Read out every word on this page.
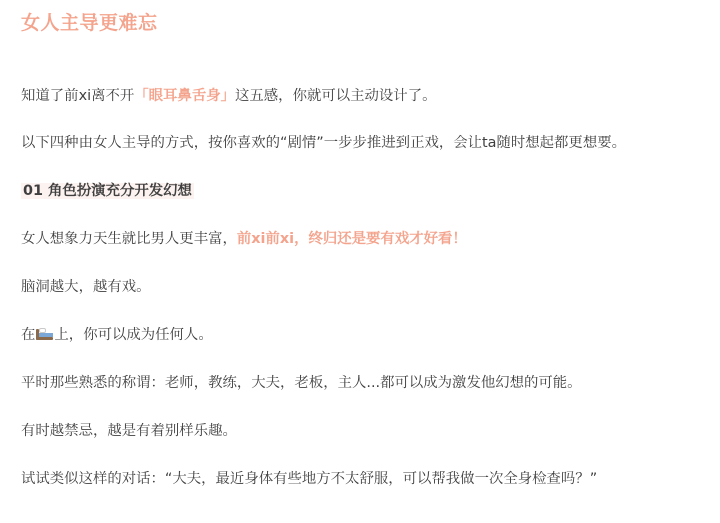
女人主导更难忘
知道了前xi离不开「眼耳鼻舌身」这五感，你就可以主动设计了。
以下四种由女人主导的方式，按你喜欢的“剧情”一步步推进到正戏，会让ta随时想起都更想要。
01 角色扮演充分开发幻想
女人想象力天生就比男人更丰富，前xi前xi，终归还是要有戏才好看！
脑洞越大，越有戏。
在 上，你可以成为任何人。
平时那些熟悉的称谓：老师，教练，大夫，老板，主人...都可以成为激发他幻想的可能。
有时越禁忌，越是有着别样乐趣。
试试类似这样的对话：“大夫，最近身体有些地方不太舒服，可以帮我做一次全身检查吗？”
